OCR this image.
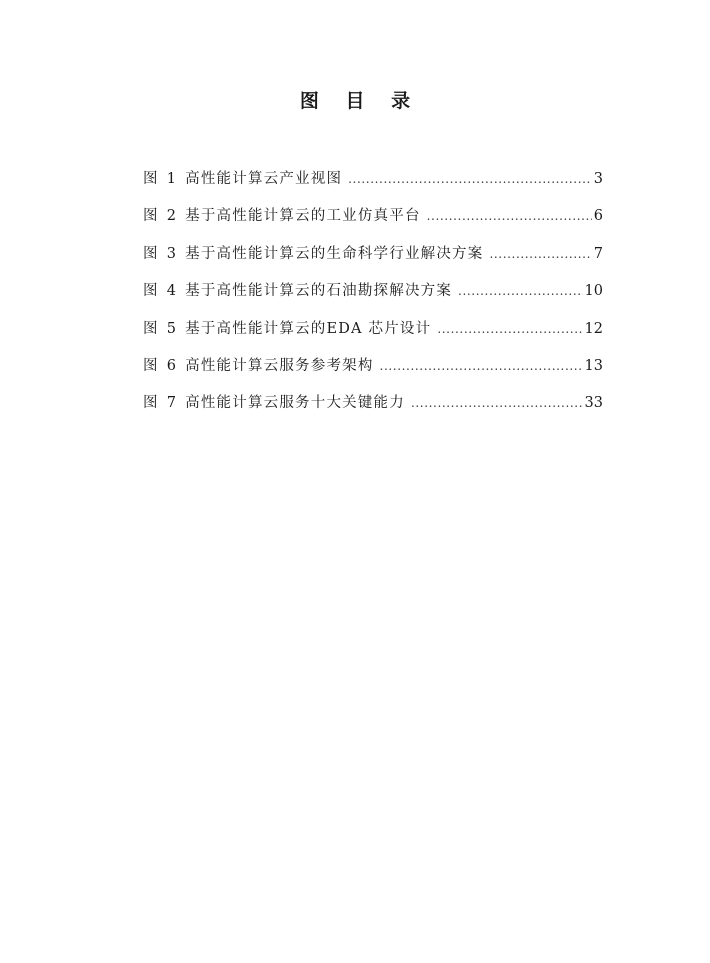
图 目 录
图 1 高性能计算云产业视图 .....	3
图 2 基于高性能计算云的工业仿真平台 .....	6
图 3 基于高性能计算云的生命科学行业解决方案 .....	7
图 4 基于高性能计算云的石油勘探解决方案 .....	10
图 5 基于高性能计算云的EDA 芯片设计 .....	12
图 6 高性能计算云服务参考架构 .....	13
图 7 高性能计算云服务十大关键能力 .....	33
